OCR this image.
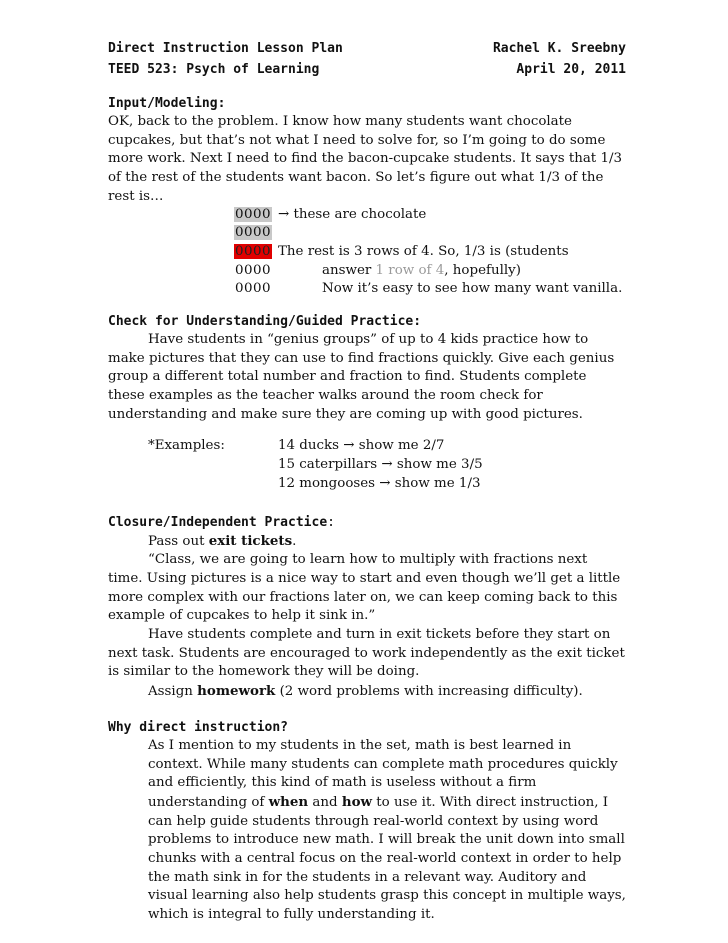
Direct Instruction Lesson Plan	Rachel K. Sreebny
TEED 523: Psych of Learning	April 20, 2011
Input/Modeling:

OK, back to the problem. I know how many students want chocolate cupcakes, but that’s not what I need to solve for, so I’m going to do some more work. Next I need to find the bacon-cupcake students. It says that 1/3 of the rest of the students want bacon. So let’s figure out what 1/3 of the rest is…

0000 → these are chocolate
0000
0000 The rest is 3 rows of 4. So, 1/3 is (students
0000	answer 1 row of 4, hopefully)
0000	Now it’s easy to see how many want vanilla.
Check for Understanding/Guided Practice:

Have students in “genius groups” of up to 4 kids practice how to make pictures that they can use to find fractions quickly. Give each genius group a different total number and fraction to find. Students complete these examples as the teacher walks around the room check for understanding and make sure they are coming up with good pictures.

*Examples:	14 ducks → show me 2/7
15 caterpillars → show me 3/5
12 mongooses → show me 1/3
Closure/Independent Practice:

Pass out exit tickets.

“Class, we are going to learn how to multiply with fractions next time. Using pictures is a nice way to start and even though we’ll get a little more complex with our fractions later on, we can keep coming back to this example of cupcakes to help it sink in.”

Have students complete and turn in exit tickets before they start on next task. Students are encouraged to work independently as the exit ticket is similar to the homework they will be doing.

Assign homework (2 word problems with increasing difficulty).

Why direct instruction?

As I mention to my students in the set, math is best learned in context. While many students can complete math procedures quickly and efficiently, this kind of math is useless without a firm understanding of when and how to use it. With direct instruction, I can help guide students through real-world context by using word problems to introduce new math. I will break the unit down into small chunks with a central focus on the real-world context in order to help the math sink in for the students in a relevant way. Auditory and visual learning also help students grasp this concept in multiple ways, which is integral to fully understanding it.
